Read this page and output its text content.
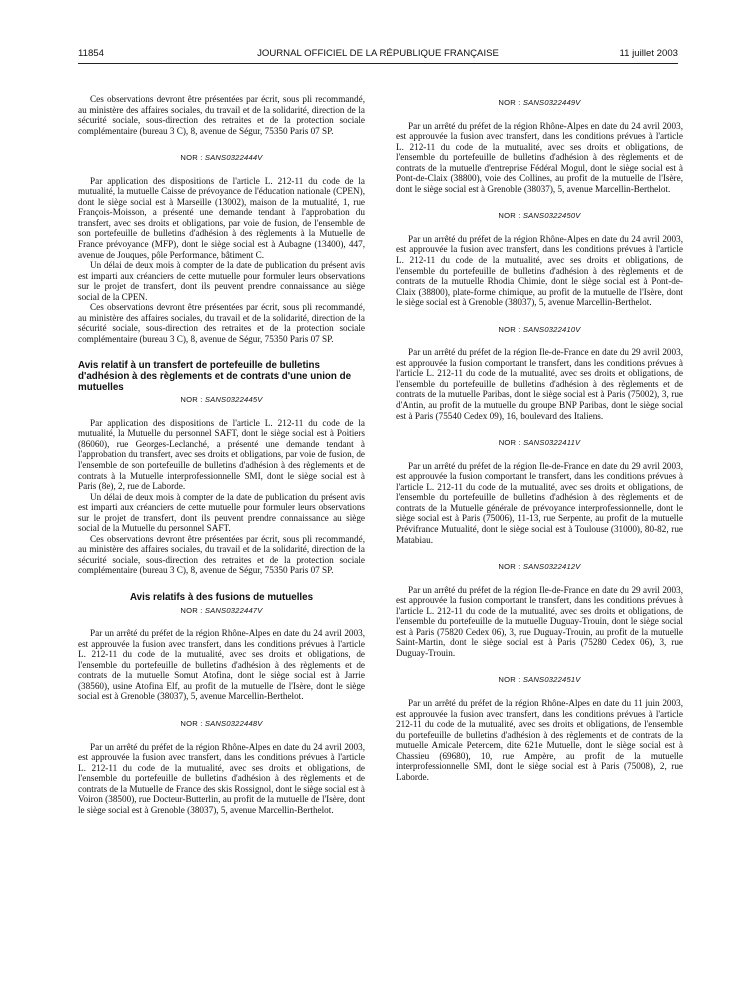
11854	JOURNAL OFFICIEL DE LA RÉPUBLIQUE FRANÇAISE	11 juillet 2003

Ces observations devront être présentées par écrit, sous pli recommandé, au ministère des affaires sociales, du travail et de la solidarité, direction de la sécurité sociale, sous-direction des retraites et de la protection sociale complémentaire (bureau 3 C), 8, avenue de Ségur, 75350 Paris 07 SP.

NOR : SANS0322444V

Par application des dispositions de l'article L. 212-11 du code de la mutualité, la mutuelle Caisse de prévoyance de l'éducation nationale (CPEN), dont le siège social est à Marseille (13002), maison de la mutualité, 1, rue François-Moisson, a présenté une demande tendant à l'approbation du transfert, avec ses droits et obligations, par voie de fusion, de l'ensemble de son portefeuille de bulletins d'adhésion à des règlements à la Mutuelle de France prévoyance (MFP), dont le siège social est à Aubagne (13400), 447, avenue de Jouques, pôle Performance, bâtiment C.

Un délai de deux mois à compter de la date de publication du présent avis est imparti aux créanciers de cette mutuelle pour formuler leurs observations sur le projet de transfert, dont ils peuvent prendre connaissance au siège social de la CPEN.

Ces observations devront être présentées par écrit, sous pli recommandé, au ministère des affaires sociales, du travail et de la solidarité, direction de la sécurité sociale, sous-direction des retraites et de la protection sociale complémentaire (bureau 3 C), 8, avenue de Ségur, 75350 Paris 07 SP.

Avis relatif à un transfert de portefeuille de bulletins d'adhésion à des règlements et de contrats d'une union de mutuelles
NOR : SANS0322445V

Par application des dispositions de l'article L. 212-11 du code de la mutualité, la Mutuelle du personnel SAFT, dont le siège social est à Poitiers (86060), rue Georges-Leclanché, a présenté une demande tendant à l'approbation du transfert, avec ses droits et obligations, par voie de fusion, de l'ensemble de son portefeuille de bulletins d'adhésion à des règlements et de contrats à la Mutuelle interprofessionnelle SMI, dont le siège social est à Paris (8e), 2, rue de Laborde.

Un délai de deux mois à compter de la date de publication du présent avis est imparti aux créanciers de cette mutuelle pour formuler leurs observations sur le projet de transfert, dont ils peuvent prendre connaissance au siège social de la Mutuelle du personnel SAFT.

Ces observations devront être présentées par écrit, sous pli recommandé, au ministère des affaires sociales, du travail et de la solidarité, direction de la sécurité sociale, sous-direction des retraites et de la protection sociale complémentaire (bureau 3 C), 8, avenue de Ségur, 75350 Paris 07 SP.

Avis relatifs à des fusions de mutuelles
NOR : SANS0322447V

Par un arrêté du préfet de la région Rhône-Alpes en date du 24 avril 2003, est approuvée la fusion avec transfert, dans les conditions prévues à l'article L. 212-11 du code de la mutualité, avec ses droits et obligations, de l'ensemble du portefeuille de bulletins d'adhésion à des règlements et de contrats de la mutuelle Somut Atofina, dont le siège social est à Jarrie (38560), usine Atofina Elf, au profit de la mutuelle de l'Isère, dont le siège social est à Grenoble (38037), 5, avenue Marcellin-Berthelot.

NOR : SANS0322448V

Par un arrêté du préfet de la région Rhône-Alpes en date du 24 avril 2003, est approuvée la fusion avec transfert, dans les conditions prévues à l'article L. 212-11 du code de la mutualité, avec ses droits et obligations, de l'ensemble du portefeuille de bulletins d'adhésion à des règlements et de contrats de la Mutuelle de France des skis Rossignol, dont le siège social est à Voiron (38500), rue Docteur-Butterlin, au profit de la mutuelle de l'Isère, dont le siège social est à Grenoble (38037), 5, avenue Marcellin-Berthelot.

NOR : SANS0322449V

Par un arrêté du préfet de la région Rhône-Alpes en date du 24 avril 2003, est approuvée la fusion avec transfert, dans les conditions prévues à l'article L. 212-11 du code de la mutualité, avec ses droits et obligations, de l'ensemble du portefeuille de bulletins d'adhésion à des règlements et de contrats de la mutuelle d'entreprise Fédéral Mogul, dont le siège social est à Pont-de-Claix (38800), voie des Collines, au profit de la mutuelle de l'Isère, dont le siège social est à Grenoble (38037), 5, avenue Marcellin-Berthelot.

NOR : SANS0322450V

Par un arrêté du préfet de la région Rhône-Alpes en date du 24 avril 2003, est approuvée la fusion avec transfert, dans les conditions prévues à l'article L. 212-11 du code de la mutualité, avec ses droits et obligations, de l'ensemble du portefeuille de bulletins d'adhésion à des règlements et de contrats de la mutuelle Rhodia Chimie, dont le siège social est à Pont-de-Claix (38800), plate-forme chimique, au profit de la mutuelle de l'Isère, dont le siège social est à Grenoble (38037), 5, avenue Marcellin-Berthelot.

NOR : SANS0322410V

Par un arrêté du préfet de la région Ile-de-France en date du 29 avril 2003, est approuvée la fusion comportant le transfert, dans les conditions prévues à l'article L. 212-11 du code de la mutualité, avec ses droits et obligations, de l'ensemble du portefeuille de bulletins d'adhésion à des règlements et de contrats de la mutuelle Paribas, dont le siège social est à Paris (75002), 3, rue d'Antin, au profit de la mutuelle du groupe BNP Paribas, dont le siège social est à Paris (75540 Cedex 09), 16, boulevard des Italiens.

NOR : SANS0322411V

Par un arrêté du préfet de la région Ile-de-France en date du 29 avril 2003, est approuvée la fusion comportant le transfert, dans les conditions prévues à l'article L. 212-11 du code de la mutualité, avec ses droits et obligations, de l'ensemble du portefeuille de bulletins d'adhésion à des règlements et de contrats de la Mutuelle générale de prévoyance interprofessionnelle, dont le siège social est à Paris (75006), 11-13, rue Serpente, au profit de la mutuelle Prévifrance Mutualité, dont le siège social est à Toulouse (31000), 80-82, rue Matabiau.

NOR : SANS0322412V

Par un arrêté du préfet de la région Ile-de-France en date du 29 avril 2003, est approuvée la fusion comportant le transfert, dans les conditions prévues à l'article L. 212-11 du code de la mutualité, avec ses droits et obligations, de l'ensemble du portefeuille de la mutuelle Duguay-Trouin, dont le siège social est à Paris (75820 Cedex 06), 3, rue Duguay-Trouin, au profit de la mutuelle Saint-Martin, dont le siège social est à Paris (75280 Cedex 06), 3, rue Duguay-Trouin.

NOR : SANS0322451V

Par un arrêté du préfet de la région Rhône-Alpes en date du 11 juin 2003, est approuvée la fusion avec transfert, dans les conditions prévues à l'article 212-11 du code de la mutualité, avec ses droits et obligations, de l'ensemble du portefeuille de bulletins d'adhésion à des règlements et de contrats de la mutuelle Amicale Petercem, dite 621e Mutuelle, dont le siège social est à Chassieu (69680), 10, rue Ampère, au profit de la mutuelle interprofessionnelle SMI, dont le siège social est à Paris (75008), 2, rue Laborde.
